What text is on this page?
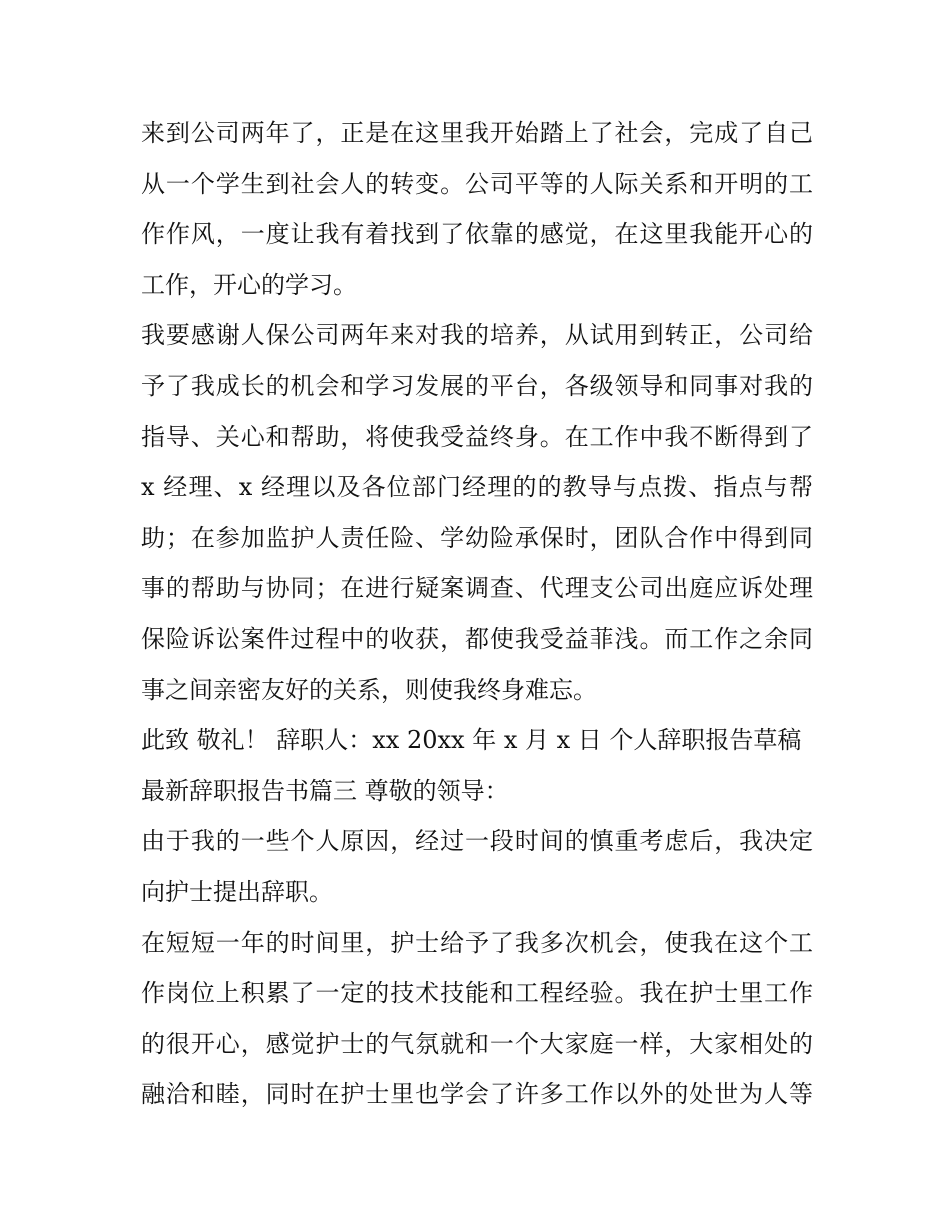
来到公司两年了，正是在这里我开始踏上了社会，完成了自己
从一个学生到社会人的转变。公司平等的人际关系和开明的工
作作风，一度让我有着找到了依靠的感觉，在这里我能开心的
工作，开心的学习。
我要感谢人保公司两年来对我的培养，从试用到转正，公司给
予了我成长的机会和学习发展的平台，各级领导和同事对我的
指导、关心和帮助，将使我受益终身。在工作中我不断得到了
x 经理、x 经理以及各位部门经理的的教导与点拨、指点与帮
助；在参加监护人责任险、学幼险承保时，团队合作中得到同
事的帮助与协同；在进行疑案调查、代理支公司出庭应诉处理
保险诉讼案件过程中的收获，都使我受益菲浅。而工作之余同
事之间亲密友好的关系，则使我终身难忘。
此致 敬礼！ 辞职人：xx 20xx 年 x 月 x 日 个人辞职报告草稿
最新辞职报告书篇三 尊敬的领导：
由于我的一些个人原因，经过一段时间的慎重考虑后，我决定
向护士提出辞职。
在短短一年的时间里，护士给予了我多次机会，使我在这个工
作岗位上积累了一定的技术技能和工程经验。我在护士里工作
的很开心，感觉护士的气氛就和一个大家庭一样，大家相处的
融洽和睦，同时在护士里也学会了许多工作以外的处世为人等
